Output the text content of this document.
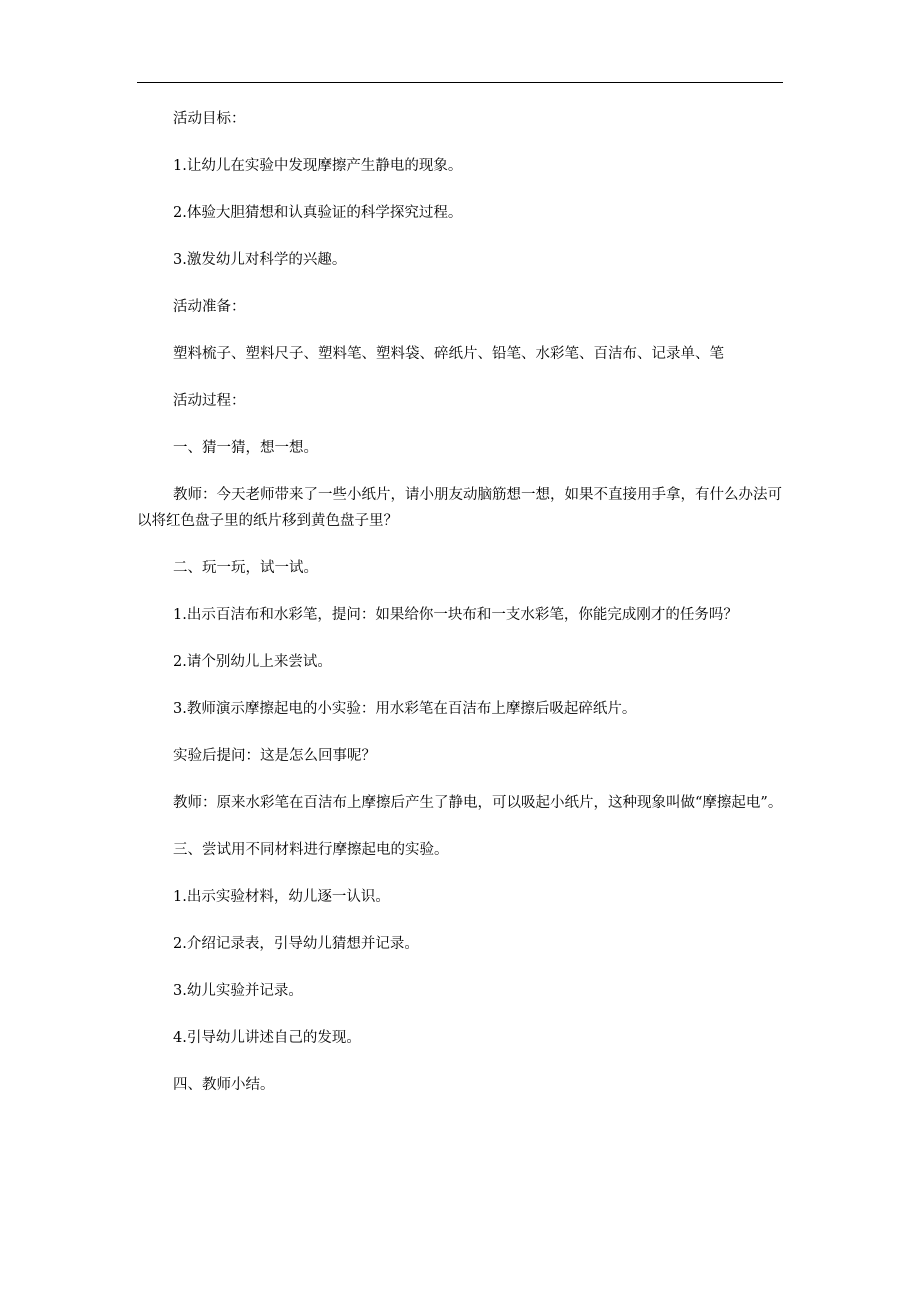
活动目标：

1.让幼儿在实验中发现摩擦产生静电的现象。

2.体验大胆猜想和认真验证的科学探究过程。

3.激发幼儿对科学的兴趣。

活动准备：

塑料梳子、塑料尺子、塑料笔、塑料袋、碎纸片、铅笔、水彩笔、百洁布、记录单、笔

活动过程：

一、猜一猜，想一想。

教师：今天老师带来了一些小纸片，请小朋友动脑筋想一想，如果不直接用手拿，有什么办法可以将红色盘子里的纸片移到黄色盘子里？

二、玩一玩，试一试。

1.出示百洁布和水彩笔，提问：如果给你一块布和一支水彩笔，你能完成刚才的任务吗？

2.请个别幼儿上来尝试。

3.教师演示摩擦起电的小实验：用水彩笔在百洁布上摩擦后吸起碎纸片。

实验后提问：这是怎么回事呢？

教师：原来水彩笔在百洁布上摩擦后产生了静电，可以吸起小纸片，这种现象叫做“摩擦起电”。

三、尝试用不同材料进行摩擦起电的实验。

1.出示实验材料，幼儿逐一认识。

2.介绍记录表，引导幼儿猜想并记录。

3.幼儿实验并记录。

4.引导幼儿讲述自己的发现。

四、教师小结。
